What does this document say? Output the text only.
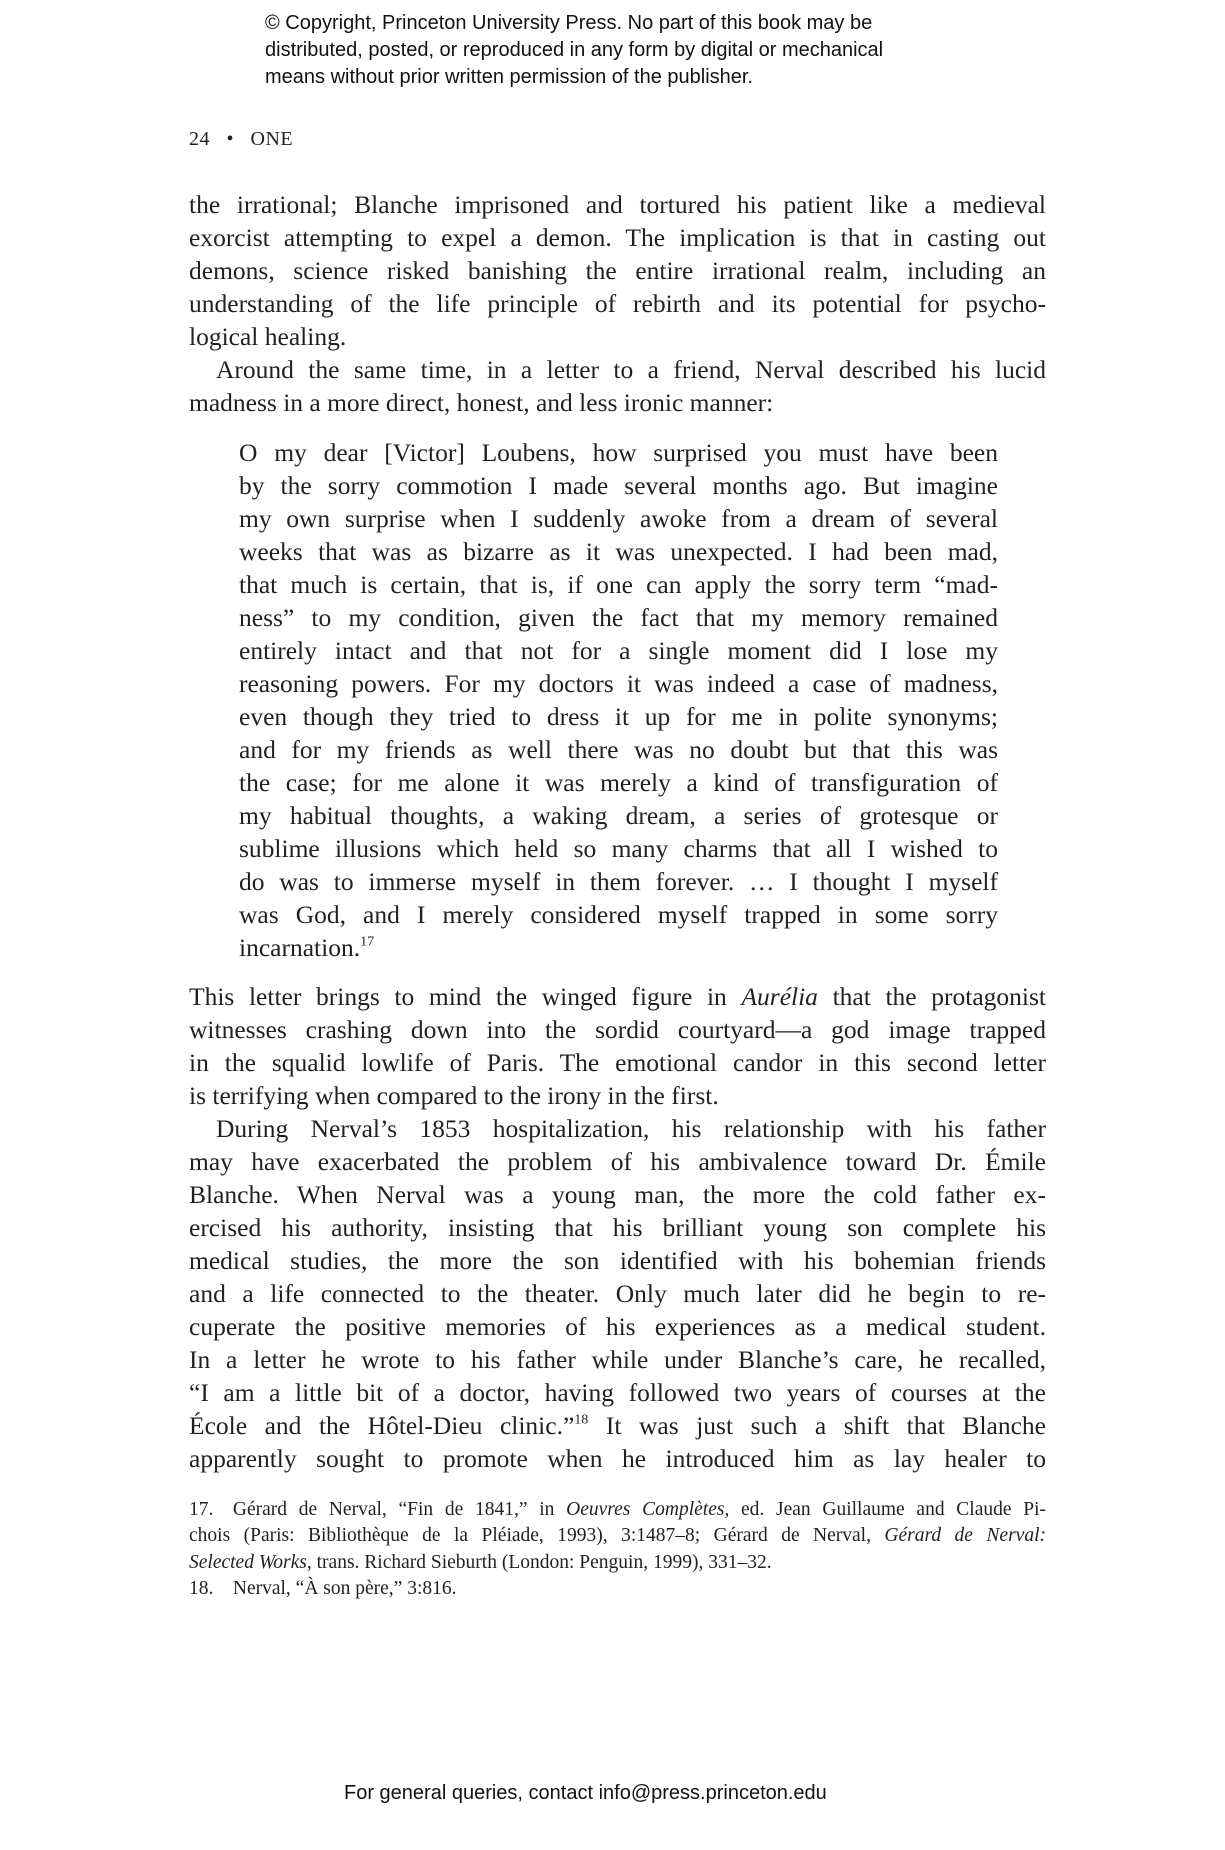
© Copyright, Princeton University Press. No part of this book may be
distributed, posted, or reproduced in any form by digital or mechanical
means without prior written permission of the publisher.
24 • ONE
the irrational; Blanche imprisoned and tortured his patient like a medieval
exorcist attempting to expel a demon. The implication is that in casting out
demons, science risked banishing the entire irrational realm, including an
understanding of the life principle of rebirth and its potential for psycho-
logical healing.
Around the same time, in a letter to a friend, Nerval described his lucid
madness in a more direct, honest, and less ironic manner:
O my dear [Victor] Loubens, how surprised you must have been
by the sorry commotion I made several months ago. But imagine
my own surprise when I suddenly awoke from a dream of several
weeks that was as bizarre as it was unexpected. I had been mad,
that much is certain, that is, if one can apply the sorry term “mad-
ness” to my condition, given the fact that my memory remained
entirely intact and that not for a single moment did I lose my
reasoning powers. For my doctors it was indeed a case of madness,
even though they tried to dress it up for me in polite synonyms;
and for my friends as well there was no doubt but that this was
the case; for me alone it was merely a kind of transfiguration of
my habitual thoughts, a waking dream, a series of grotesque or
sublime illusions which held so many charms that all I wished to
do was to immerse myself in them forever. … I thought I myself
was God, and I merely considered myself trapped in some sorry
incarnation.$^{17}$
This letter brings to mind the winged figure in Aurélia that the protagonist
witnesses crashing down into the sordid courtyard—a god image trapped
in the squalid lowlife of Paris. The emotional candor in this second letter
is terrifying when compared to the irony in the first.
During Nerval’s 1853 hospitalization, his relationship with his father
may have exacerbated the problem of his ambivalence toward Dr. Émile
Blanche. When Nerval was a young man, the more the cold father ex-
ercised his authority, insisting that his brilliant young son complete his
medical studies, the more the son identified with his bohemian friends
and a life connected to the theater. Only much later did he begin to re-
cuperate the positive memories of his experiences as a medical student.
In a letter he wrote to his father while under Blanche’s care, he recalled,
“I am a little bit of a doctor, having followed two years of courses at the
École and the Hôtel-Dieu clinic.”$^{18}$ It was just such a shift that Blanche
apparently sought to promote when he introduced him as lay healer to
17. Gérard de Nerval, “Fin de 1841,” in Oeuvres Complètes, ed. Jean Guillaume and Claude Pi-
chois (Paris: Bibliothèque de la Pléiade, 1993), 3:1487–8; Gérard de Nerval, Gérard de Nerval:
Selected Works, trans. Richard Sieburth (London: Penguin, 1999), 331–32.
18. Nerval, “À son père,” 3:816.
For general queries, contact info@press.princeton.edu
